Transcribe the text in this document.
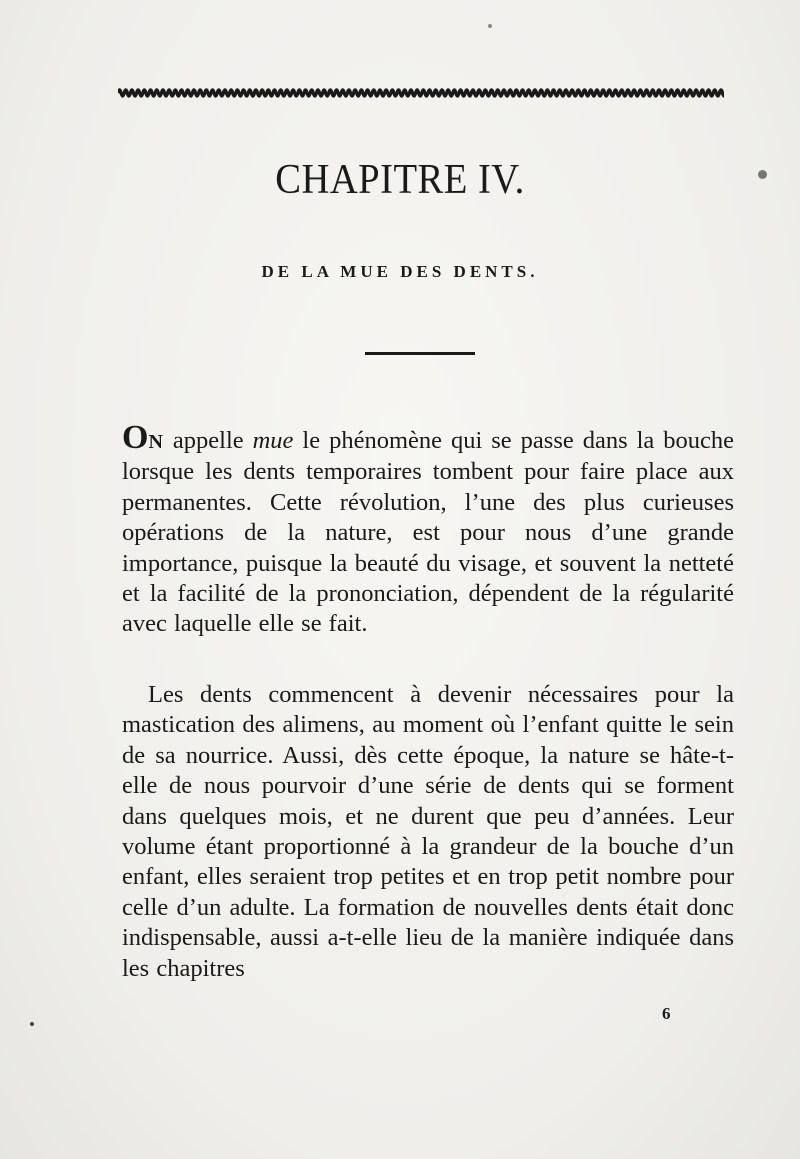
CHAPITRE IV.
DE LA MUE DES DENTS.
ON appelle mue le phénomène qui se passe dans la bouche lorsque les dents temporaires tombent pour faire place aux permanentes. Cette révolution, l’une des plus curieuses opérations de la nature, est pour nous d’une grande importance, puisque la beauté du visage, et souvent la netteté et la facilité de la prononciation, dépendent de la régularité avec laquelle elle se fait.
Les dents commencent à devenir nécessaires pour la mastication des alimens, au moment où l’enfant quitte le sein de sa nourrice. Aussi, dès cette époque, la nature se hâte-t-elle de nous pourvoir d’une série de dents qui se forment dans quelques mois, et ne durent que peu d’années. Leur volume étant proportionné à la grandeur de la bouche d’un enfant, elles seraient trop petites et en trop petit nombre pour celle d’un adulte. La formation de nouvelles dents était donc indispensable, aussi a-t-elle lieu de la manière indiquée dans les chapitres
6
